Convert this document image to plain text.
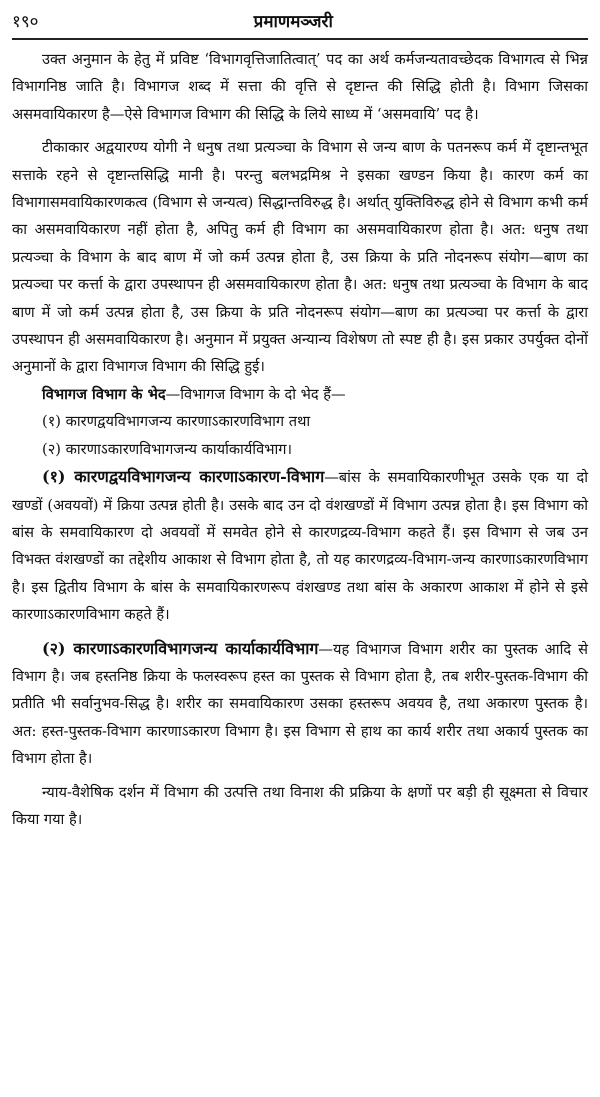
१९०	प्रमाणमञ्जरी

उक्त अनुमान के हेतु में प्रविष्ट ‘विभागवृत्तिजातित्वात्’ पद का अर्थ कर्मजन्यतावच्छेदक विभागत्व से भिन्न विभागनिष्ठ जाति है। विभागज शब्द में सत्ता की वृत्ति से दृष्टान्त की सिद्धि होती है। विभाग जिसका असमवायिकारण है—ऐसे विभागज विभाग की सिद्धि के लिये साध्य में ‘असमवायि’ पद है।

टीकाकार अद्वयारण्य योगी ने धनुष तथा प्रत्यञ्चा के विभाग से जन्य बाण के पतनरूप कर्म में दृष्टान्तभूत सत्ताके रहने से दृष्टान्तसिद्धि मानी है। परन्तु बलभद्रमिश्र ने इसका खण्डन किया है। कारण कर्म का विभागासमवायिकारणकत्व (विभाग से जन्यत्व) सिद्धान्तविरुद्ध है। अर्थात् युक्तिविरुद्ध होने से विभाग कभी कर्म का असमवायिकारण नहीं होता है, अपितु कर्म ही विभाग का असमवायिकारण होता है। अत: धनुष तथा प्रत्यञ्चा के विभाग के बाद बाण में जो कर्म उत्पन्न होता है, उस क्रिया के प्रति नोदनरूप संयोग—बाण का प्रत्यञ्चा पर कर्त्ता के द्वारा उपस्थापन ही असमवायिकारण होता है। अत: धनुष तथा प्रत्यञ्चा के विभाग के बाद बाण में जो कर्म उत्पन्न होता है, उस क्रिया के प्रति नोदनरूप संयोग—बाण का प्रत्यञ्चा पर कर्त्ता के द्वारा उपस्थापन ही असमवायिकारण है। अनुमान में प्रयुक्त अन्यान्य विशेषण तो स्पष्ट ही है। इस प्रकार उपर्युक्त दोनों अनुमानों के द्वारा विभागज विभाग की सिद्धि हुई।

विभागज विभाग के भेद—विभागज विभाग के दो भेद हैं—

(१) कारणद्वयविभागजन्य कारणाऽकारणविभाग तथा

(२) कारणाऽकारणविभागजन्य कार्याकार्यविभाग।

(१) कारणद्वयविभागजन्य कारणाऽकारण-विभाग—बांस के समवायिकारणीभूत उसके एक या दो खण्डों (अवयवों) में क्रिया उत्पन्न होती है। उसके बाद उन दो वंशखण्डों में विभाग उत्पन्न होता है। इस विभाग को बांस के समवायिकारण दो अवयवों में समवेत होने से कारणद्रव्य-विभाग कहते हैं। इस विभाग से जब उन विभक्त वंशखण्डों का तद्देशीय आकाश से विभाग होता है, तो यह कारणद्रव्य-विभाग-जन्य कारणाऽकारणविभाग है। इस द्वितीय विभाग के बांस के समवायिकारणरूप वंशखण्ड तथा बांस के अकारण आकाश में होने से इसे कारणाऽकारणविभाग कहते हैं।

(२) कारणाऽकारणविभागजन्य कार्याकार्यविभाग—यह विभागज विभाग शरीर का पुस्तक आदि से विभाग है। जब हस्तनिष्ठ क्रिया के फलस्वरूप हस्त का पुस्तक से विभाग होता है, तब शरीर-पुस्तक-विभाग की प्रतीति भी सर्वानुभव-सिद्ध है। शरीर का समवायिकारण उसका हस्तरूप अवयव है, तथा अकारण पुस्तक है। अत: हस्त-पुस्तक-विभाग कारणाऽकारण विभाग है। इस विभाग से हाथ का कार्य शरीर तथा अकार्य पुस्तक का विभाग होता है।

न्याय-वैशेषिक दर्शन में विभाग की उत्पत्ति तथा विनाश की प्रक्रिया के क्षणों पर बड़ी ही सूक्ष्मता से विचार किया गया है।
